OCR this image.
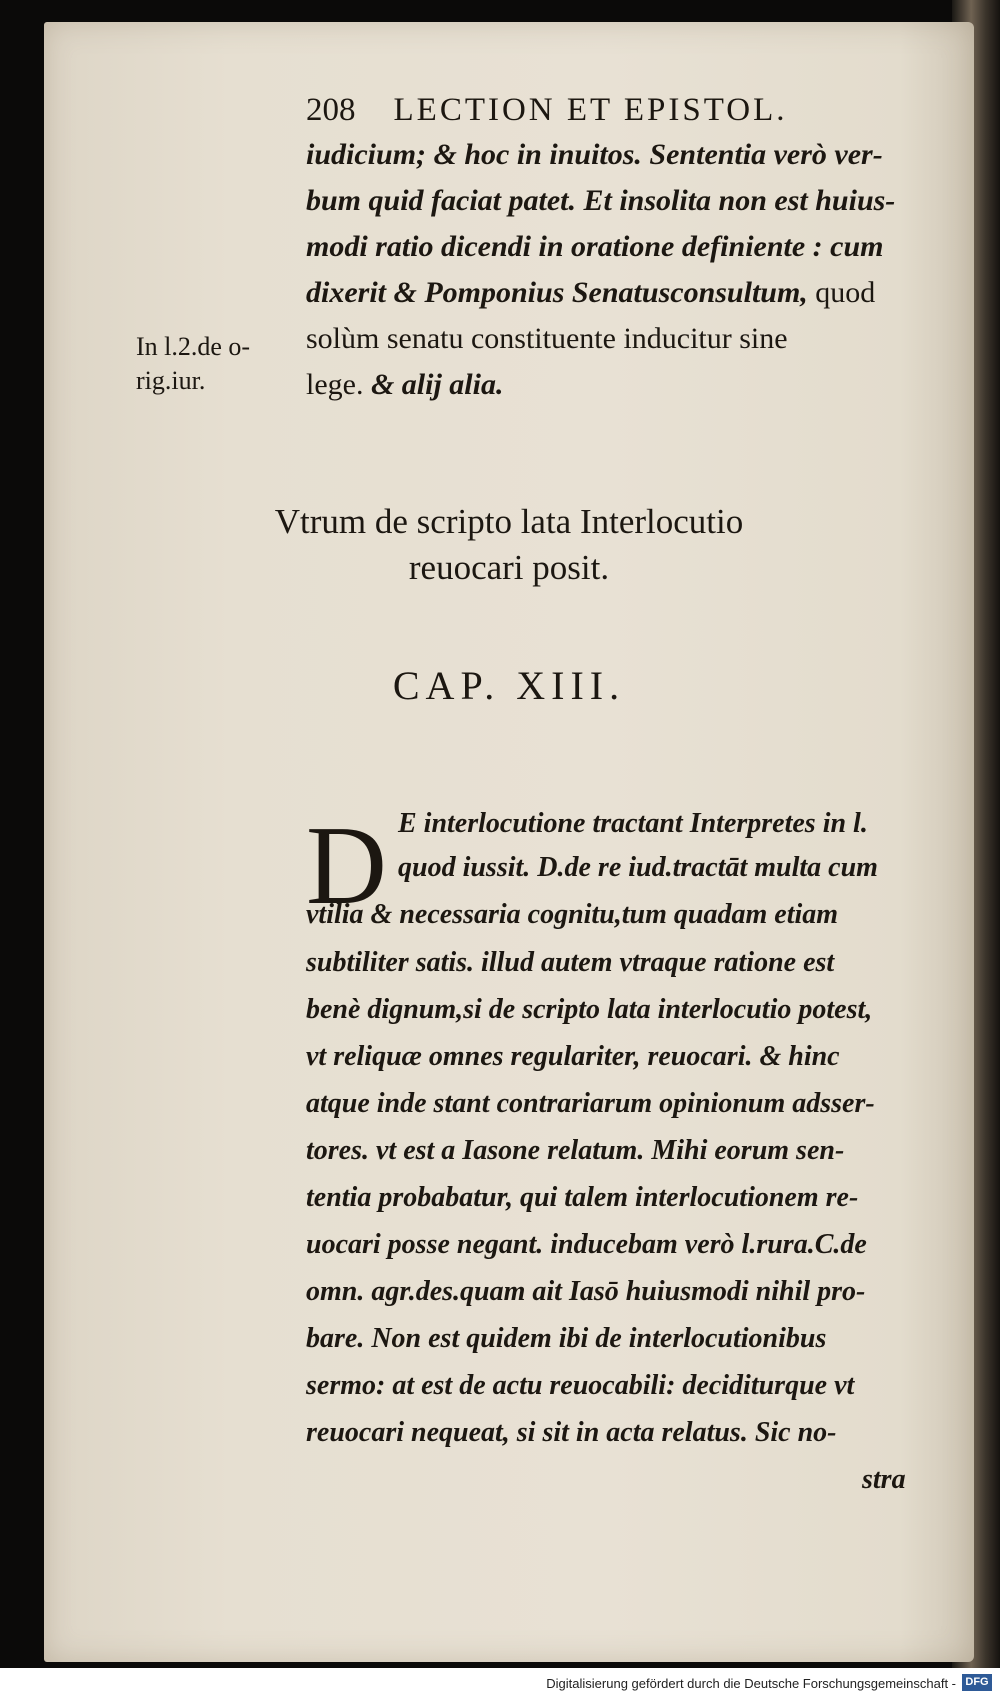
208 LECTION ET EPISTOL.
iudicium; & hoc in inuitos. Sententia verò ver-
bum quid faciat patet. Et insolita non est huius-
modi ratio dicendi in oratione definiente : cum
dixerit & Pomponius Senatusconsultum, quod
solùm senatu constituente inducitur sine
lege. & alij alia.
In l.2.de o-
rig.iur.
Vtrum de scripto lata Interlocutio
reuocari posit.
CAP. XIII.
D E interlocutione tractant Interpretes in l.
quod iussit. D.de re iud.tractāt multa cum
vtilia & necessaria cognitu,tum quadam etiam
subtiliter satis. illud autem vtraque ratione est
benè dignum,si de scripto lata interlocutio potest,
vt reliquæ omnes regulariter, reuocari. & hinc
atque inde stant contrariarum opinionum adsser-
tores. vt est a Iasone relatum. Mihi eorum sen-
tentia probabatur, qui talem interlocutionem re-
uocari posse negant. inducebam verò l.rura.C.de
omn. agr.des.quam ait Iasō huiusmodi nihil pro-
bare. Non est quidem ibi de interlocutionibus
sermo: at est de actu reuocabili: deciditurque vt
reuocari nequeat, si sit in acta relatus. Sic no-
stra
Digitalisierung gefördert durch die Deutsche Forschungsgemeinschaft - DFG
